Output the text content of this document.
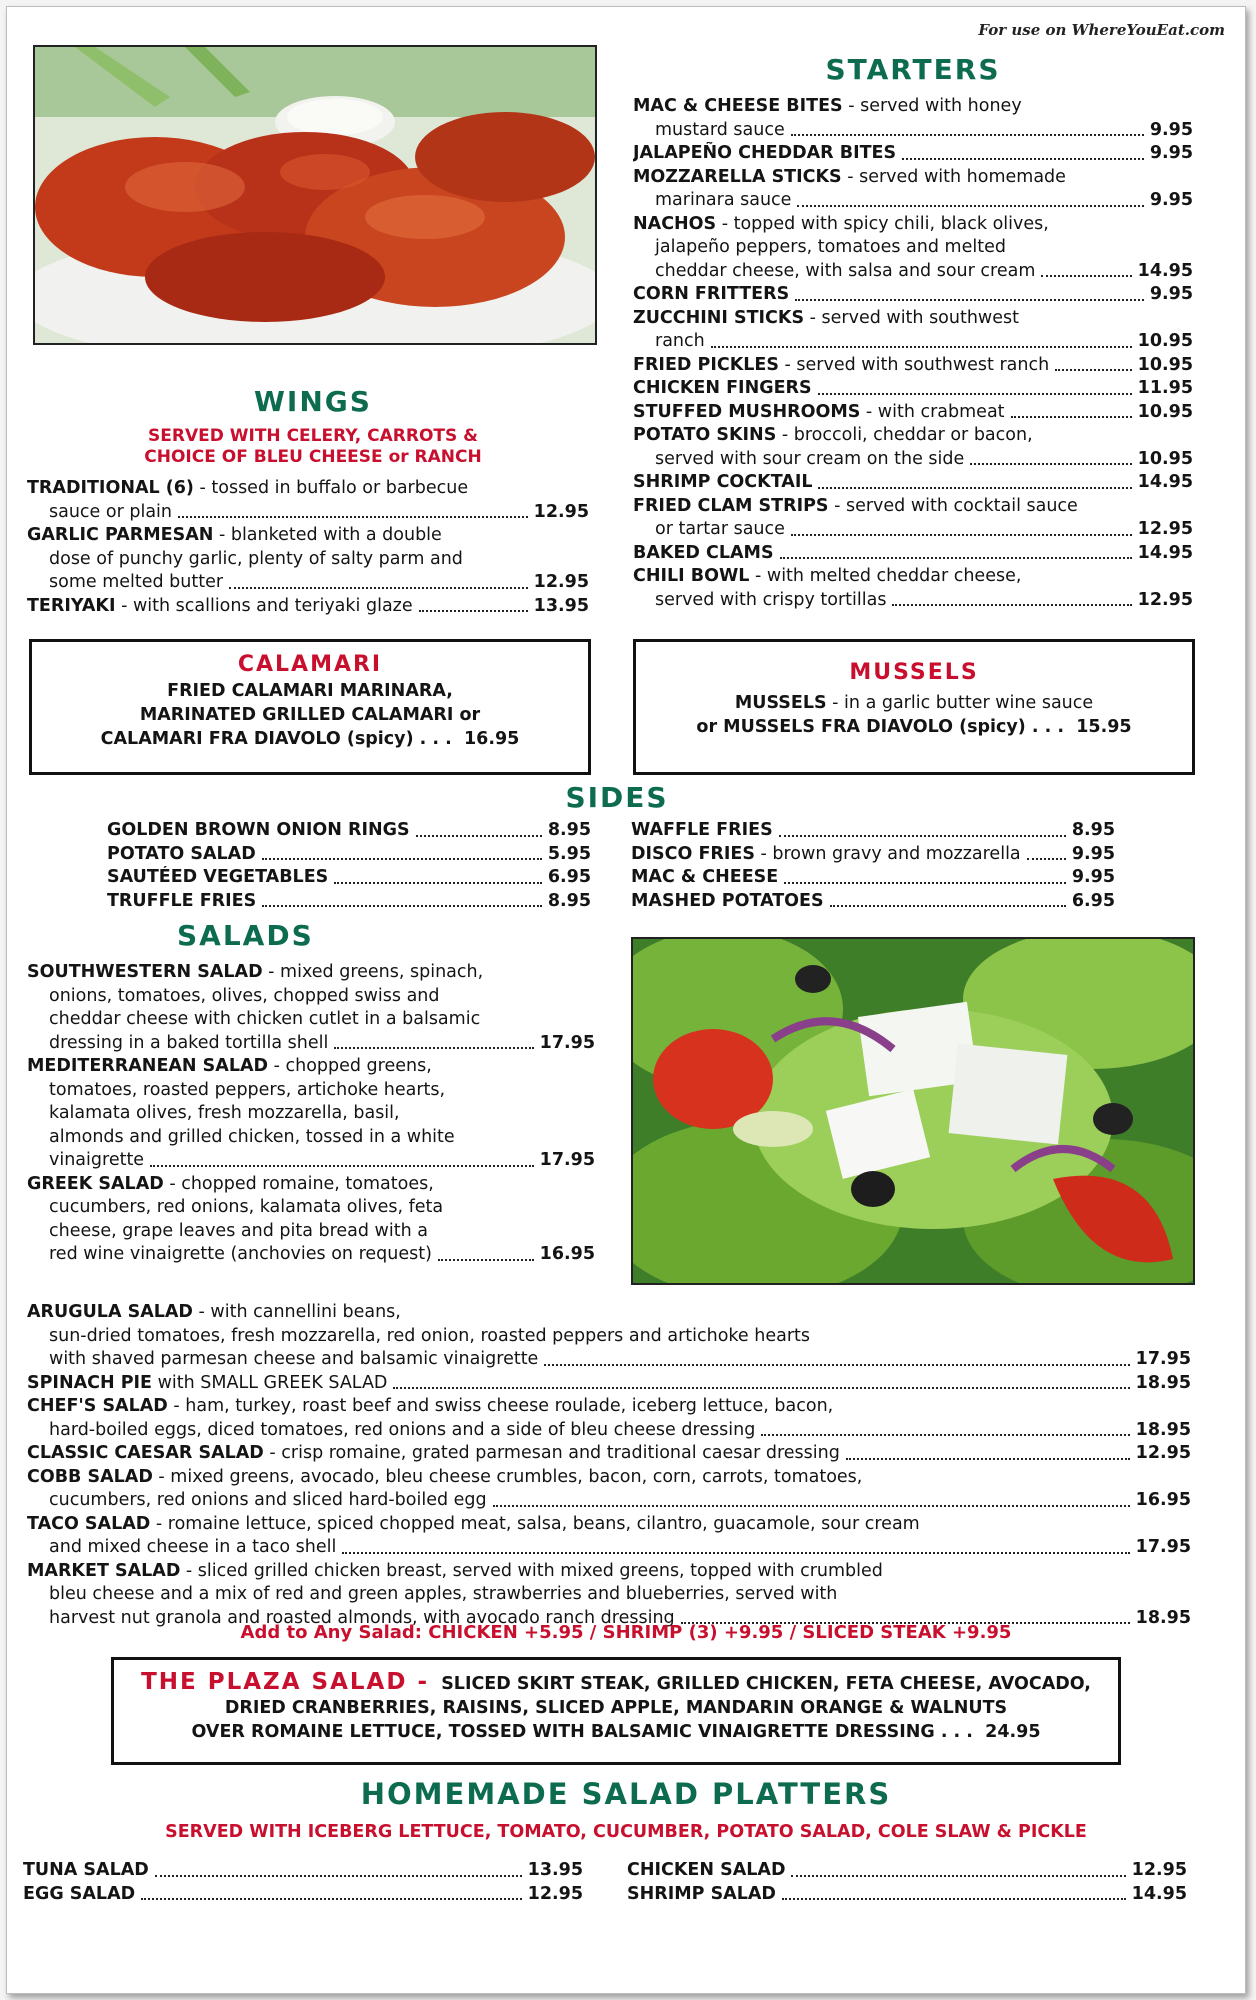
For use on WhereYouEat.com
WINGS
SERVED WITH CELERY, CARROTS &
CHOICE OF BLEU CHEESE or RANCH
TRADITIONAL (6) - tossed in buffalo or barbecue
sauce or plain	12.95
GARLIC PARMESAN - blanketed with a double
dose of punchy garlic, plenty of salty parm and
some melted butter	12.95
TERIYAKI - with scallions and teriyaki glaze	13.95
STARTERS
MAC & CHEESE BITES - served with honey
mustard sauce	9.95
JALAPEÑO CHEDDAR BITES	9.95
MOZZARELLA STICKS - served with homemade
marinara sauce	9.95
NACHOS - topped with spicy chili, black olives,
jalapeño peppers, tomatoes and melted
cheddar cheese, with salsa and sour cream	14.95
CORN FRITTERS	9.95
ZUCCHINI STICKS - served with southwest
ranch	10.95
FRIED PICKLES - served with southwest ranch	10.95
CHICKEN FINGERS	11.95
STUFFED MUSHROOMS - with crabmeat	10.95
POTATO SKINS - broccoli, cheddar or bacon,
served with sour cream on the side	10.95
SHRIMP COCKTAIL	14.95
FRIED CLAM STRIPS - served with cocktail sauce
or tartar sauce	12.95
BAKED CLAMS	14.95
CHILI BOWL - with melted cheddar cheese,
served with crispy tortillas	12.95
CALAMARI
FRIED CALAMARI MARINARA,
MARINATED GRILLED CALAMARI or
CALAMARI FRA DIAVOLO (spicy) . . . 16.95
MUSSELS
MUSSELS - in a garlic butter wine sauce
or MUSSELS FRA DIAVOLO (spicy) . . . 15.95
SIDES
GOLDEN BROWN ONION RINGS	8.95
POTATO SALAD	5.95
SAUTÉED VEGETABLES	6.95
TRUFFLE FRIES	8.95
WAFFLE FRIES	8.95
DISCO FRIES - brown gravy and mozzarella	9.95
MAC & CHEESE	9.95
MASHED POTATOES	6.95
SALADS
SOUTHWESTERN SALAD - mixed greens, spinach,
onions, tomatoes, olives, chopped swiss and
cheddar cheese with chicken cutlet in a balsamic
dressing in a baked tortilla shell	17.95
MEDITERRANEAN SALAD - chopped greens,
tomatoes, roasted peppers, artichoke hearts,
kalamata olives, fresh mozzarella, basil,
almonds and grilled chicken, tossed in a white
vinaigrette	17.95
GREEK SALAD - chopped romaine, tomatoes,
cucumbers, red onions, kalamata olives, feta
cheese, grape leaves and pita bread with a
red wine vinaigrette (anchovies on request)	16.95
ARUGULA SALAD - with cannellini beans,
sun-dried tomatoes, fresh mozzarella, red onion, roasted peppers and artichoke hearts
with shaved parmesan cheese and balsamic vinaigrette	17.95
SPINACH PIE with SMALL GREEK SALAD	18.95
CHEF'S SALAD - ham, turkey, roast beef and swiss cheese roulade, iceberg lettuce, bacon,
hard-boiled eggs, diced tomatoes, red onions and a side of bleu cheese dressing	18.95
CLASSIC CAESAR SALAD - crisp romaine, grated parmesan and traditional caesar dressing	12.95
COBB SALAD - mixed greens, avocado, bleu cheese crumbles, bacon, corn, carrots, tomatoes,
cucumbers, red onions and sliced hard-boiled egg	16.95
TACO SALAD - romaine lettuce, spiced chopped meat, salsa, beans, cilantro, guacamole, sour cream
and mixed cheese in a taco shell	17.95
MARKET SALAD - sliced grilled chicken breast, served with mixed greens, topped with crumbled
bleu cheese and a mix of red and green apples, strawberries and blueberries, served with
harvest nut granola and roasted almonds, with avocado ranch dressing	18.95
Add to Any Salad: CHICKEN +5.95 / SHRIMP (3) +9.95 / SLICED STEAK +9.95
THE PLAZA SALAD - SLICED SKIRT STEAK, GRILLED CHICKEN, FETA CHEESE, AVOCADO,
DRIED CRANBERRIES, RAISINS, SLICED APPLE, MANDARIN ORANGE & WALNUTS
OVER ROMAINE LETTUCE, TOSSED WITH BALSAMIC VINAIGRETTE DRESSING . . . 24.95
HOMEMADE SALAD PLATTERS
SERVED WITH ICEBERG LETTUCE, TOMATO, CUCUMBER, POTATO SALAD, COLE SLAW & PICKLE
TUNA SALAD	13.95
EGG SALAD	12.95
CHICKEN SALAD	12.95
SHRIMP SALAD	14.95
